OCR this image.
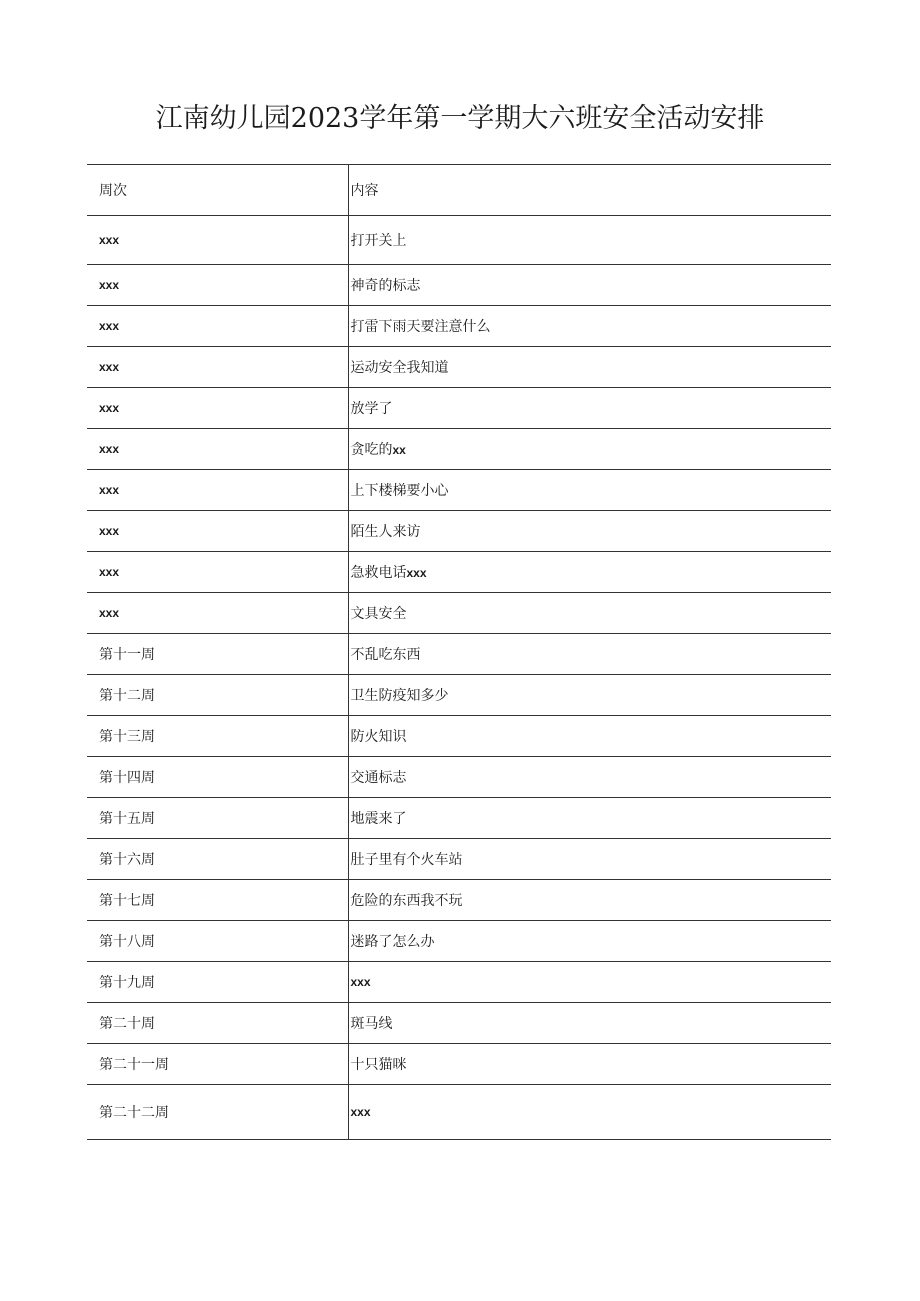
江南幼儿园2023学年第一学期大六班安全活动安排
周次	内容
xxx	打开关上
xxx	神奇的标志
xxx	打雷下雨天要注意什么
xxx	运动安全我知道
xxx	放学了
xxx	贪吃的xx
xxx	上下楼梯要小心
xxx	陌生人来访
xxx	急救电话xxx
xxx	文具安全
第十一周	不乱吃东西
第十二周	卫生防疫知多少
第十三周	防火知识
第十四周	交通标志
第十五周	地震来了
第十六周	肚子里有个火车站
第十七周	危险的东西我不玩
第十八周	迷路了怎么办
第十九周	xxx
第二十周	斑马线
第二十一周	十只猫咪
第二十二周	xxx
